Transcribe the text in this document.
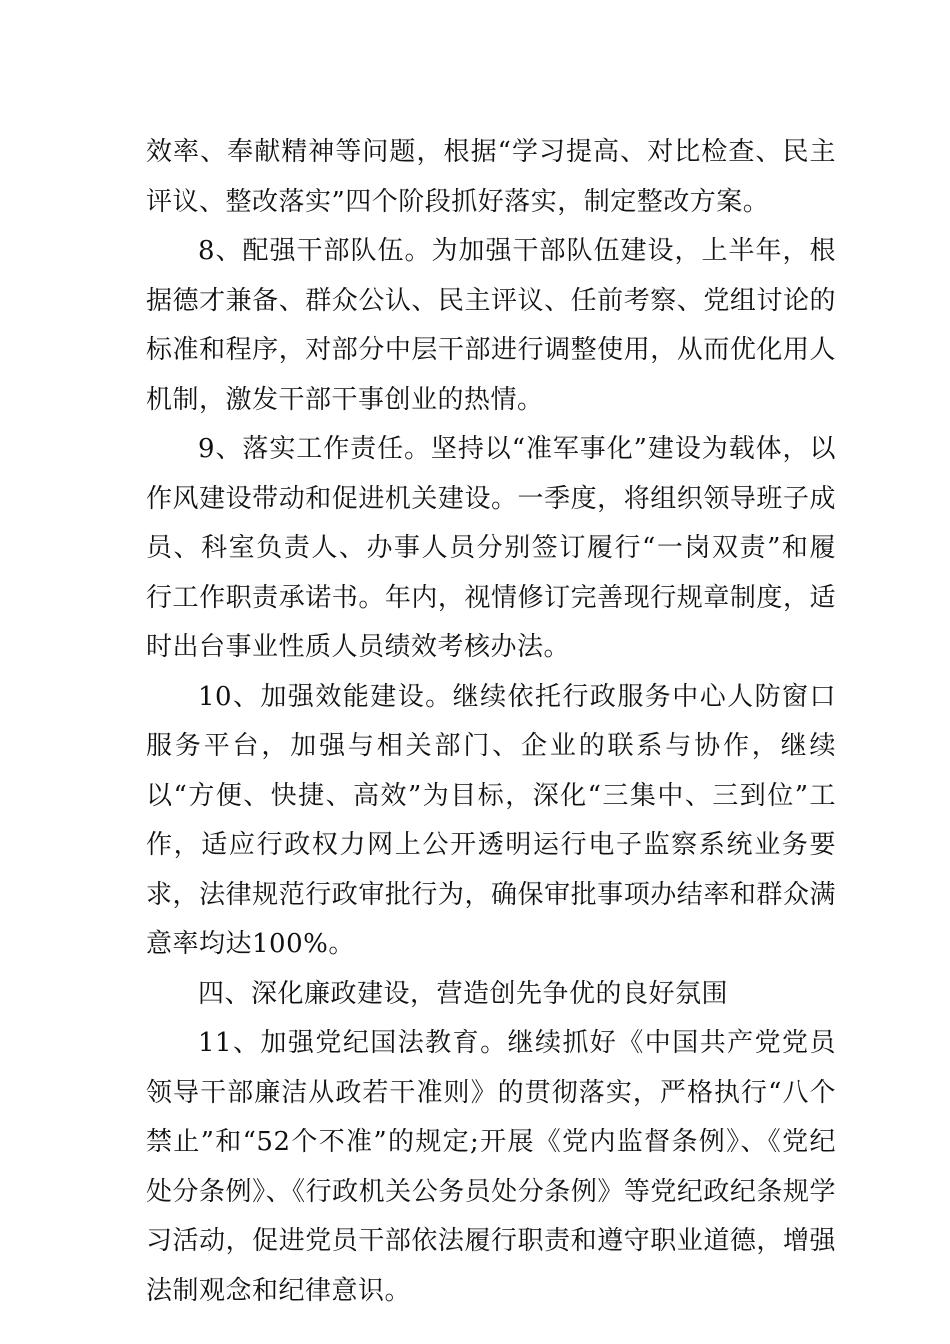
效率、奉献精神等问题，根据“学习提高、对比检查、民主评议、整改落实”四个阶段抓好落实，制定整改方案。

8、配强干部队伍。为加强干部队伍建设，上半年，根据德才兼备、群众公认、民主评议、任前考察、党组讨论的标准和程序，对部分中层干部进行调整使用，从而优化用人机制，激发干部干事创业的热情。

9、落实工作责任。坚持以“准军事化”建设为载体，以作风建设带动和促进机关建设。一季度，将组织领导班子成员、科室负责人、办事人员分别签订履行“一岗双责”和履行工作职责承诺书。年内，视情修订完善现行规章制度，适时出台事业性质人员绩效考核办法。

10、加强效能建设。继续依托行政服务中心人防窗口服务平台，加强与相关部门、企业的联系与协作，继续以“方便、快捷、高效”为目标，深化“三集中、三到位”工作，适应行政权力网上公开透明运行电子监察系统业务要求，法律规范行政审批行为，确保审批事项办结率和群众满意率均达100%。

四、深化廉政建设，营造创先争优的良好氛围

11、加强党纪国法教育。继续抓好《中国共产党党员领导干部廉洁从政若干准则》的贯彻落实，严格执行“八个禁止”和“52个不准”的规定;开展《党内监督条例》、《党纪处分条例》、《行政机关公务员处分条例》等党纪政纪条规学习活动，促进党员干部依法履行职责和遵守职业道德，增强法制观念和纪律意识。
